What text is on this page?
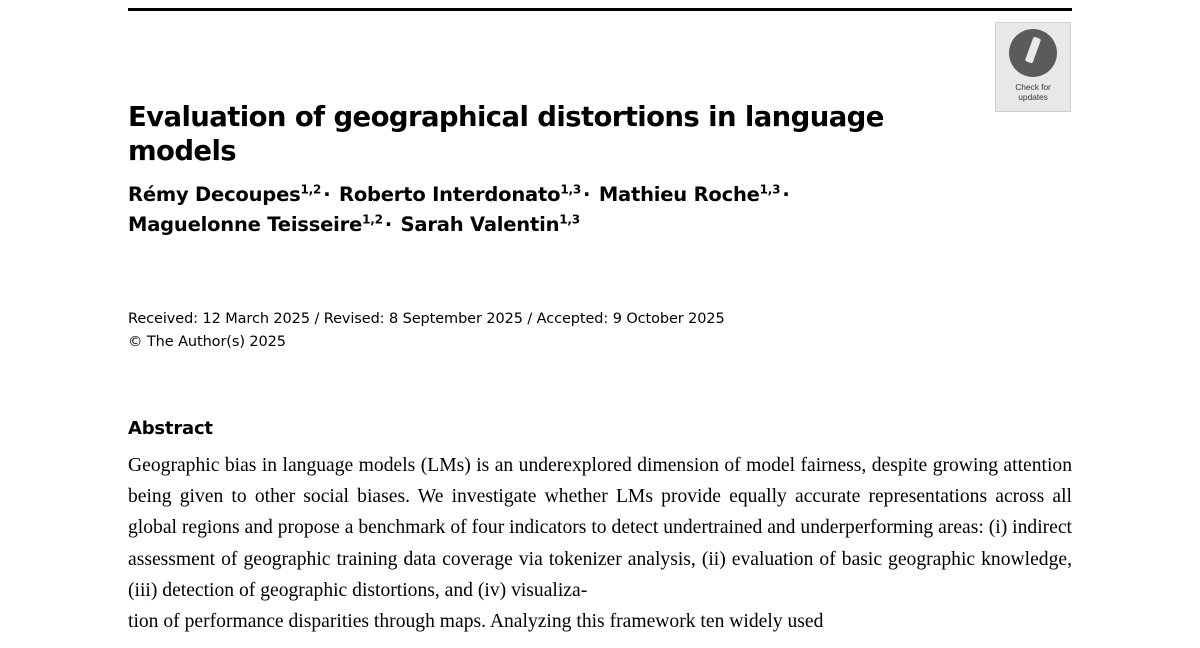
Check for
updates
Evaluation of geographical distortions in language models
Rémy Decoupes$^{1,2}$ · Roberto Interdonato$^{1,3}$ · Mathieu Roche$^{1,3}$ ·
Maguelonne Teisseire$^{1,2}$ · Sarah Valentin$^{1,3}$
Received: 12 March 2025 / Revised: 8 September 2025 / Accepted: 9 October 2025
© The Author(s) 2025
Abstract
Geographic bias in language models (LMs) is an underexplored dimension of model fairness, despite growing attention being given to other social biases. We investigate whether LMs provide equally accurate representations across all global regions and propose a benchmark of four indicators to detect undertrained and underperforming areas: (i) indirect assessment of geographic training data coverage via tokenizer analysis, (ii) evaluation of basic geographic knowledge, (iii) detection of geographic distortions, and (iv) visualiza-
tion of performance disparities through maps. Analyzing this framework ten widely used
